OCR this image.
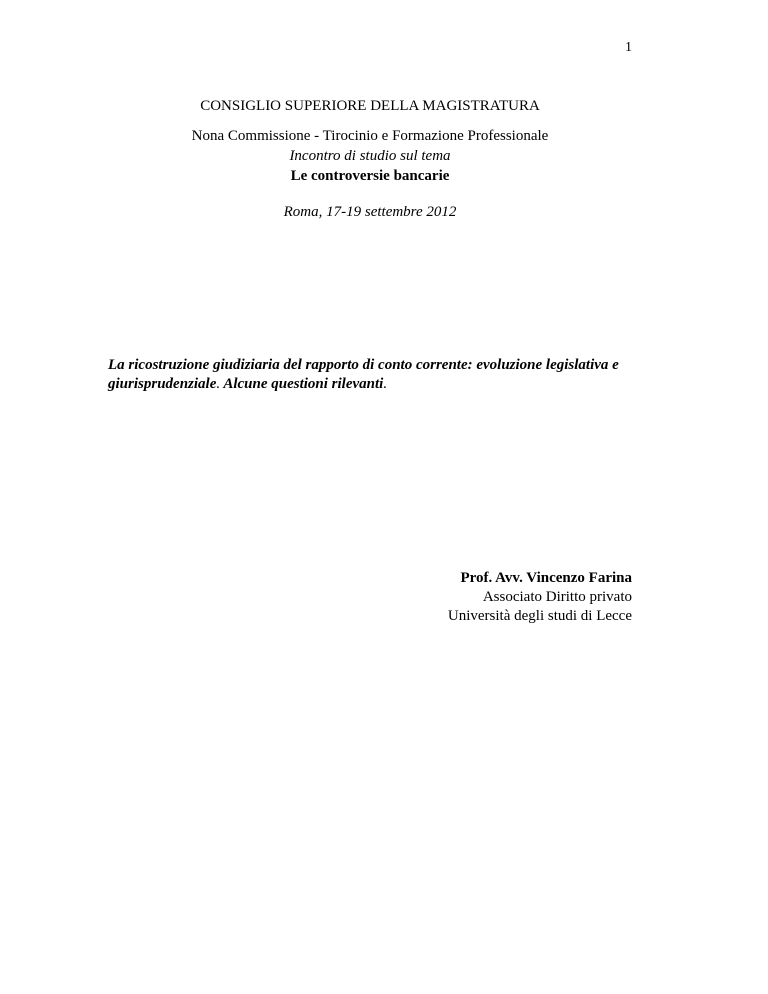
1
CONSIGLIO SUPERIORE DELLA MAGISTRATURA
Nona Commissione - Tirocinio e Formazione Professionale
Incontro di studio sul tema
Le controversie bancarie
Roma, 17-19 settembre 2012
La ricostruzione giudiziaria del rapporto di conto corrente: evoluzione legislativa e giurisprudenziale. Alcune questioni rilevanti.
Prof. Avv. Vincenzo Farina
Associato Diritto privato
Università degli studi di Lecce
